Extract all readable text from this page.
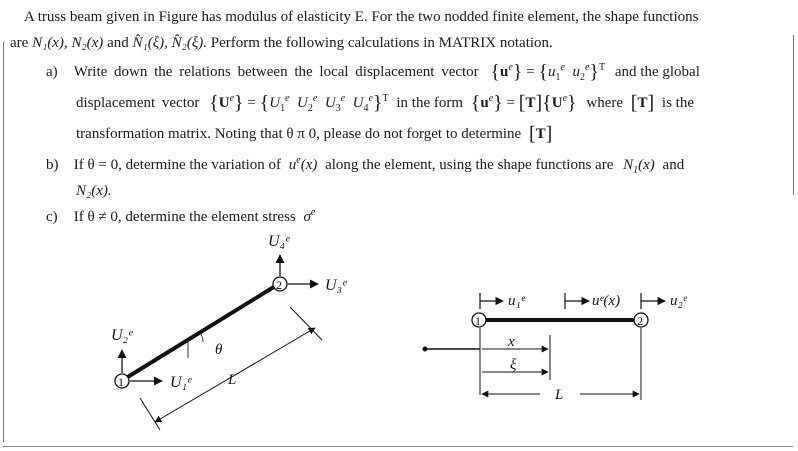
A truss beam given in Figure has modulus of elasticity E. For the two nodded finite element, the shape functions
are N₁(x), N₂(x) and N̂₁(ξ), N̂₂(ξ). Perform the following calculations in MATRIX notation.
a) Write down the relations between the local displacement vector $\{u^e\} = \{u_1^e$ $u_2^e\}^T$ and the global
displacement vector $\{U^e\} = \{U_1^e$ $U_2^e$ $U_3^e$ $U_4^e\}^T$ in the form $\{u^e\} = [T]\{U^e\}$ where [T] is the
transformation matrix. Noting that θ π 0, please do not forget to determine [T]
b) If θ = 0, determine the variation of $u^e(x)$ along the element, using the shape functions are $N_1(x)$ and
N₂(x).
c) If θ ≠ 0, determine the element stress $\sigma^e$
θ
1
2
U₄ᵉ
U₃ᵉ
U₂ᵉ
U₁ᵉ L
1	2
u₁ᵉ	uᵉ(x)	u₂ᵉ
x
ξ
L
